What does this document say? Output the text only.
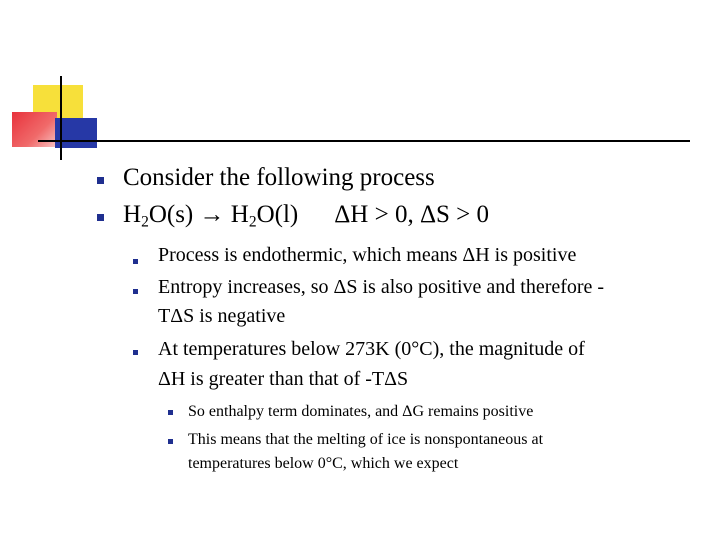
Consider the following process
$H_2O(s) \to H_2O(l) \Delta H > 0$, ΔS > 0
Process is endothermic, which means ΔH is positive
Entropy increases, so ΔS is also positive and therefore -
TΔS is negative
At temperatures below 273K (0°C), the magnitude of
ΔH is greater than that of -TΔS
So enthalpy term dominates, and ΔG remains positive
This means that the melting of ice is nonspontaneous at
temperatures below 0°C, which we expect
